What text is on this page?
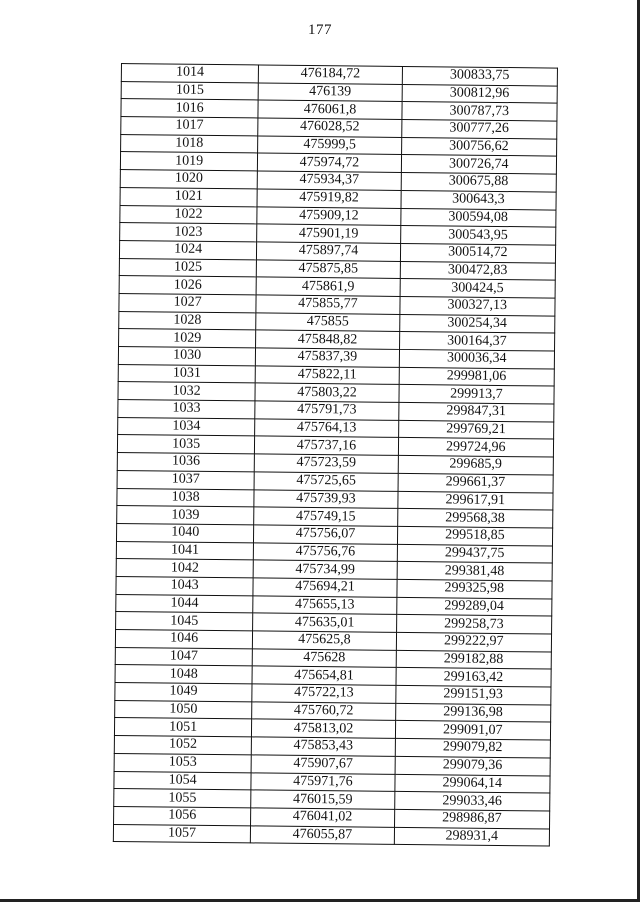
177
1014	476184,72	300833,75
1015	476139	300812,96
1016	476061,8	300787,73
1017	476028,52	300777,26
1018	475999,5	300756,62
1019	475974,72	300726,74
1020	475934,37	300675,88
1021	475919,82	300643,3
1022	475909,12	300594,08
1023	475901,19	300543,95
1024	475897,74	300514,72
1025	475875,85	300472,83
1026	475861,9	300424,5
1027	475855,77	300327,13
1028	475855	300254,34
1029	475848,82	300164,37
1030	475837,39	300036,34
1031	475822,11	299981,06
1032	475803,22	299913,7
1033	475791,73	299847,31
1034	475764,13	299769,21
1035	475737,16	299724,96
1036	475723,59	299685,9
1037	475725,65	299661,37
1038	475739,93	299617,91
1039	475749,15	299568,38
1040	475756,07	299518,85
1041	475756,76	299437,75
1042	475734,99	299381,48
1043	475694,21	299325,98
1044	475655,13	299289,04
1045	475635,01	299258,73
1046	475625,8	299222,97
1047	475628	299182,88
1048	475654,81	299163,42
1049	475722,13	299151,93
1050	475760,72	299136,98
1051	475813,02	299091,07
1052	475853,43	299079,82
1053	475907,67	299079,36
1054	475971,76	299064,14
1055	476015,59	299033,46
1056	476041,02	298986,87
1057	476055,87	298931,4
